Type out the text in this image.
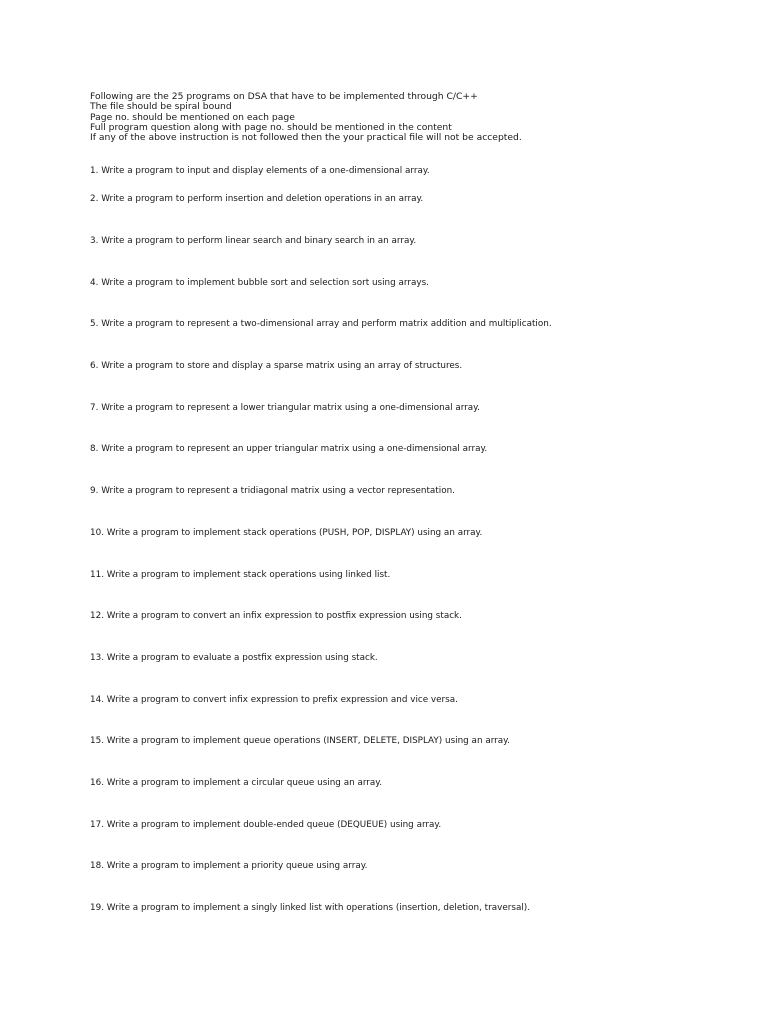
Following are the 25 programs on DSA that have to be implemented through C/C++
The file should be spiral bound
Page no. should be mentioned on each page
Full program question along with page no. should be mentioned in the content
If any of the above instruction is not followed then the your practical file will not be accepted.
1. Write a program to input and display elements of a one-dimensional array.
2. Write a program to perform insertion and deletion operations in an array.
3. Write a program to perform linear search and binary search in an array.
4. Write a program to implement bubble sort and selection sort using arrays.
5. Write a program to represent a two-dimensional array and perform matrix addition and multiplication.
6. Write a program to store and display a sparse matrix using an array of structures.
7. Write a program to represent a lower triangular matrix using a one-dimensional array.
8. Write a program to represent an upper triangular matrix using a one-dimensional array.
9. Write a program to represent a tridiagonal matrix using a vector representation.
10. Write a program to implement stack operations (PUSH, POP, DISPLAY) using an array.
11. Write a program to implement stack operations using linked list.
12. Write a program to convert an infix expression to postfix expression using stack.
13. Write a program to evaluate a postfix expression using stack.
14. Write a program to convert infix expression to prefix expression and vice versa.
15. Write a program to implement queue operations (INSERT, DELETE, DISPLAY) using an array.
16. Write a program to implement a circular queue using an array.
17. Write a program to implement double-ended queue (DEQUEUE) using array.
18. Write a program to implement a priority queue using array.
19. Write a program to implement a singly linked list with operations (insertion, deletion, traversal).
